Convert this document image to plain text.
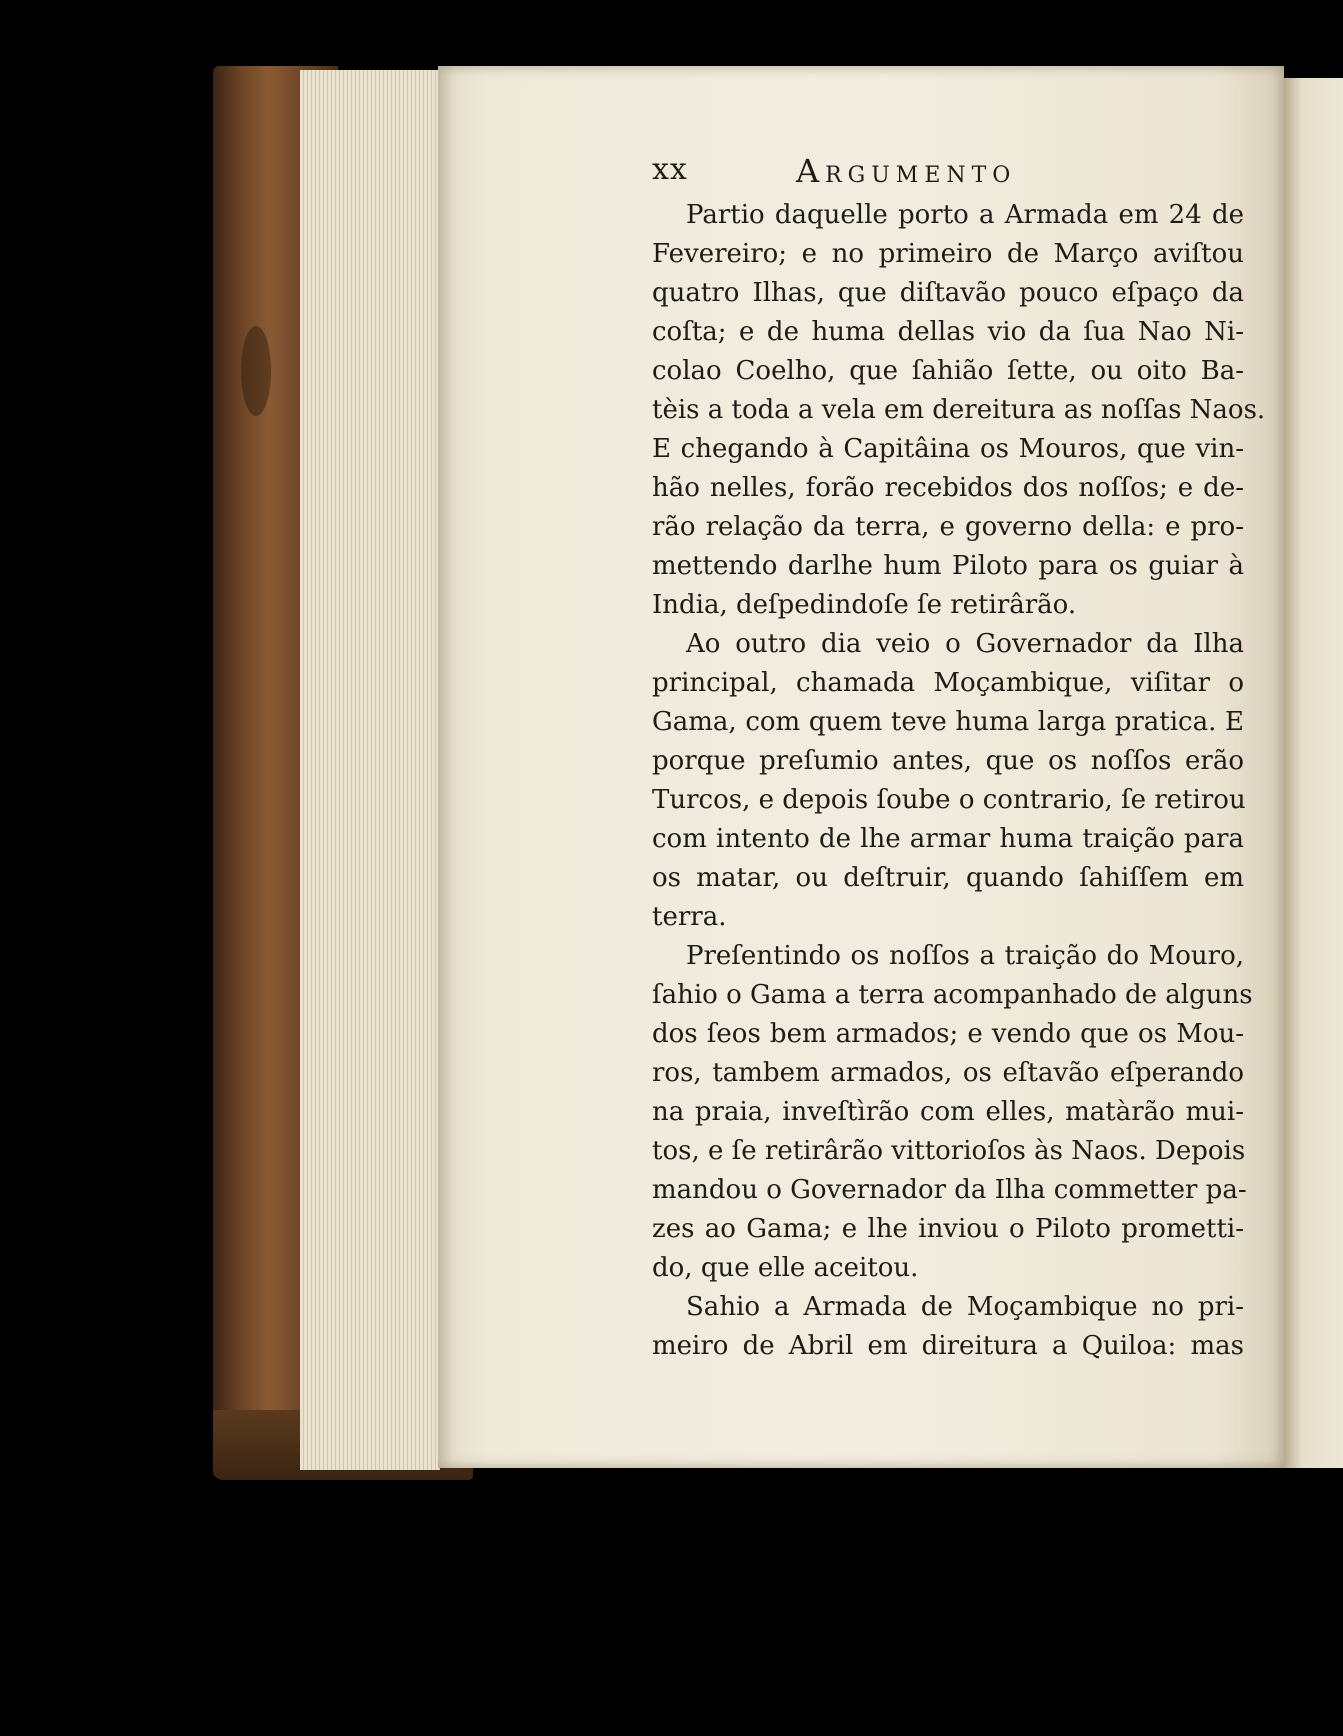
xx	Argumento
Partio daquelle porto a Armada em 24 de
Fevereiro; e no primeiro de Março aviſtou
quatro Ilhas, que diſtavão pouco eſpaço da
coſta; e de huma dellas vio da ſua Nao Ni-
colao Coelho, que ſahião ſette, ou oito Ba-
tèis a toda a vela em dereitura as noſſas Naos.
E chegando à Capitâina os Mouros, que vin-
hão nelles, forão recebidos dos noſſos; e de-
rão relação da terra, e governo della: e pro-
mettendo darlhe hum Piloto para os guiar à
India, deſpedindoſe ſe retirârão.
Ao outro dia veio o Governador da Ilha
principal, chamada Moçambique, viſitar o
Gama, com quem teve huma larga pratica. E
porque preſumio antes, que os noſſos erão
Turcos, e depois ſoube o contrario, ſe retirou
com intento de lhe armar huma traição para
os matar, ou deſtruir, quando ſahiſſem em
terra.
Preſentindo os noſſos a traição do Mouro,
ſahio o Gama a terra acompanhado de alguns
dos ſeos bem armados; e vendo que os Mou-
ros, tambem armados, os eſtavão eſperando
na praia, inveſtìrão com elles, matàrão mui-
tos, e ſe retirârão vittorioſos às Naos. Depois
mandou o Governador da Ilha commetter pa-
zes ao Gama; e lhe inviou o Piloto prometti-
do, que elle aceitou.
Sahio a Armada de Moçambique no pri-
meiro de Abril em direitura a Quiloa: mas
